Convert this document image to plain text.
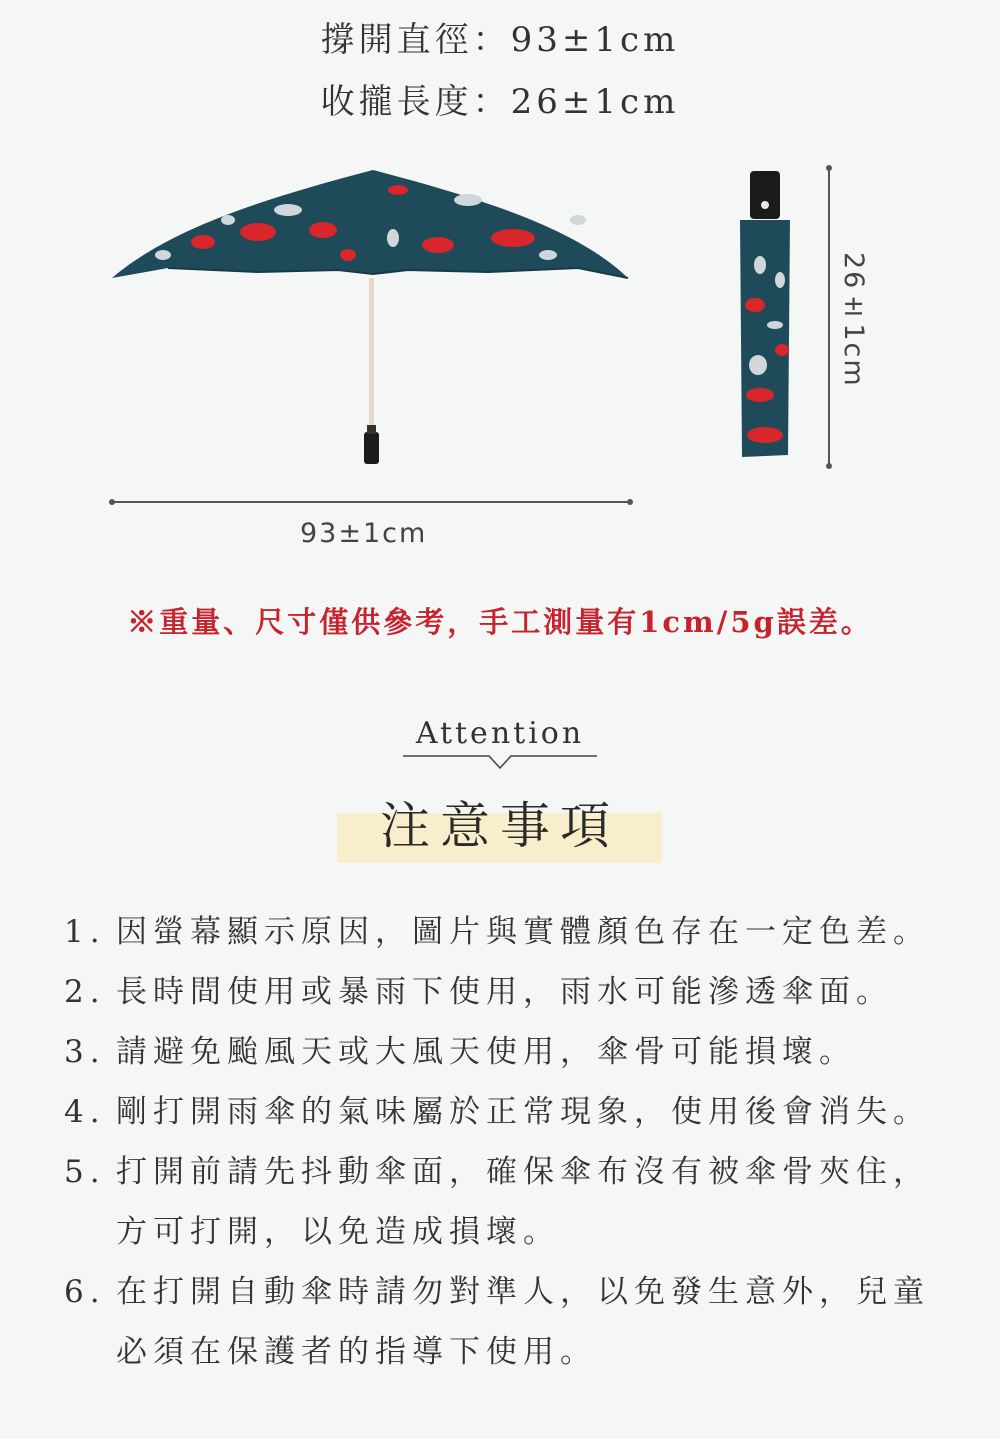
撐開直徑：93±1cm
收攏長度：26±1cm
93±1cm
26±1cm
※重量、尺寸僅供參考，手工測量有1cm/5g誤差。
Attention
注意事項
1. 因螢幕顯示原因，圖片與實體顏色存在一定色差。
2. 長時間使用或暴雨下使用，雨水可能滲透傘面。
3. 請避免颱風天或大風天使用，傘骨可能損壞。
4. 剛打開雨傘的氣味屬於正常現象，使用後會消失。
5. 打開前請先抖動傘面，確保傘布沒有被傘骨夾住，方可打開，以免造成損壞。
6. 在打開自動傘時請勿對準人，以免發生意外，兒童必須在保護者的指導下使用。
